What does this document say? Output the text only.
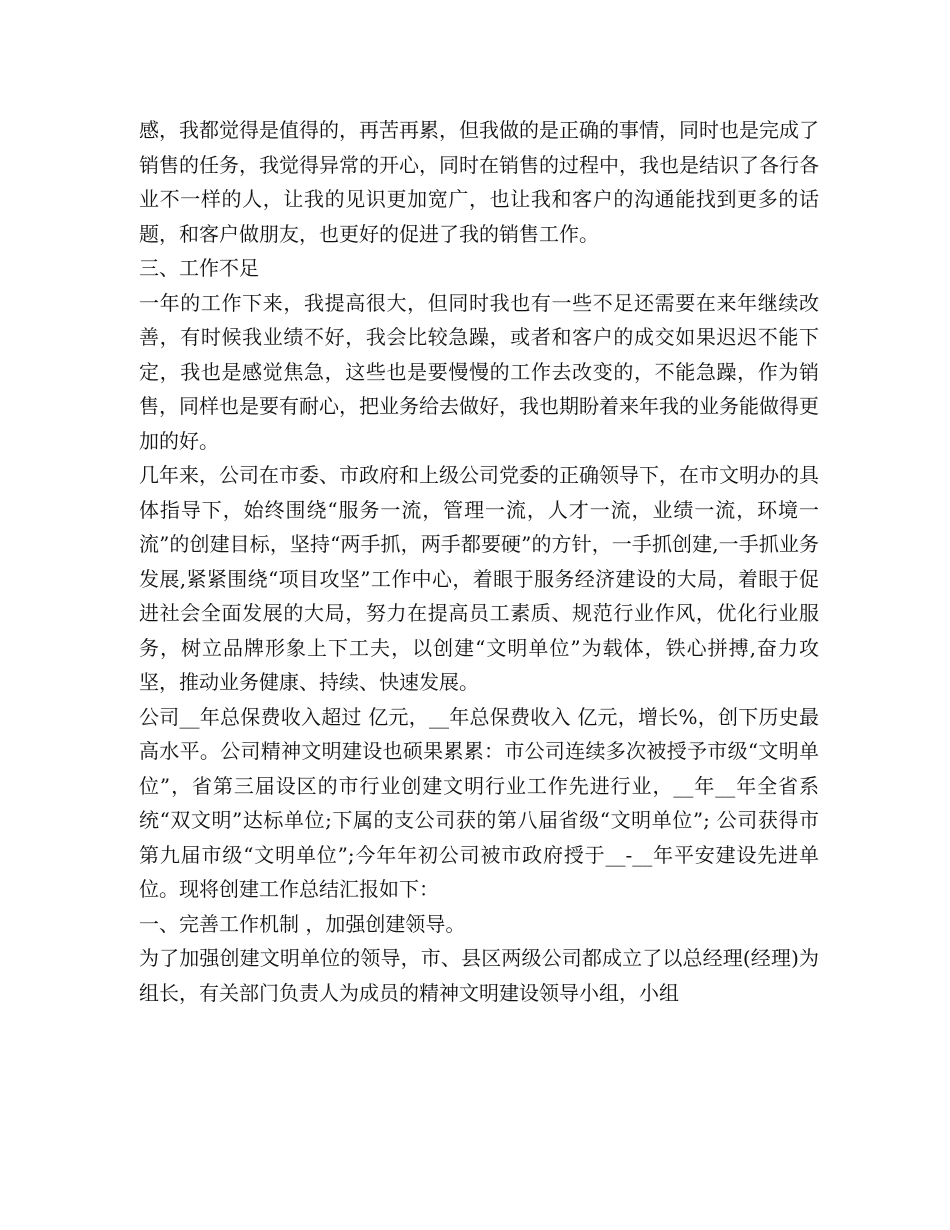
感，我都觉得是值得的，再苦再累，但我做的是正确的事情，同时也是完成了销售的任务，我觉得异常的开心，同时在销售的过程中，我也是结识了各行各业不一样的人，让我的见识更加宽广，也让我和客户的沟通能找到更多的话题，和客户做朋友，也更好的促进了我的销售工作。

三、工作不足

一年的工作下来，我提高很大，但同时我也有一些不足还需要在来年继续改善，有时候我业绩不好，我会比较急躁，或者和客户的成交如果迟迟不能下定，我也是感觉焦急，这些也是要慢慢的工作去改变的，不能急躁，作为销售，同样也是要有耐心，把业务给去做好，我也期盼着来年我的业务能做得更加的好。

几年来，公司在市委、市政府和上级公司党委的正确领导下，在市文明办的具体指导下，始终围绕“服务一流，管理一流，人才一流，业绩一流，环境一流”的创建目标，坚持“两手抓，两手都要硬”的方针，一手抓创建,一手抓业务发展,紧紧围绕“项目攻坚”工作中心，着眼于服务经济建设的大局，着眼于促进社会全面发展的大局，努力在提高员工素质、规范行业作风，优化行业服务，树立品牌形象上下工夫，以创建“文明单位”为载体，铁心拼搏,奋力攻坚，推动业务健康、持续、快速发展。

公司__年总保费收入超过 亿元，__年总保费收入 亿元，增长%，创下历史最高水平。公司精神文明建设也硕果累累：市公司连续多次被授予市级“文明单位”，省第三届设区的市行业创建文明行业工作先进行业，__年__年全省系统“双文明”达标单位;下属的支公司获的第八届省级“文明单位”; 公司获得市第九届市级“文明单位”;今年年初公司被市政府授于__-__年平安建设先进单位。现将创建工作总结汇报如下：

一、完善工作机制 ，加强创建领导。

为了加强创建文明单位的领导，市、县区两级公司都成立了以总经理(经理)为组长，有关部门负责人为成员的精神文明建设领导小组，小组
